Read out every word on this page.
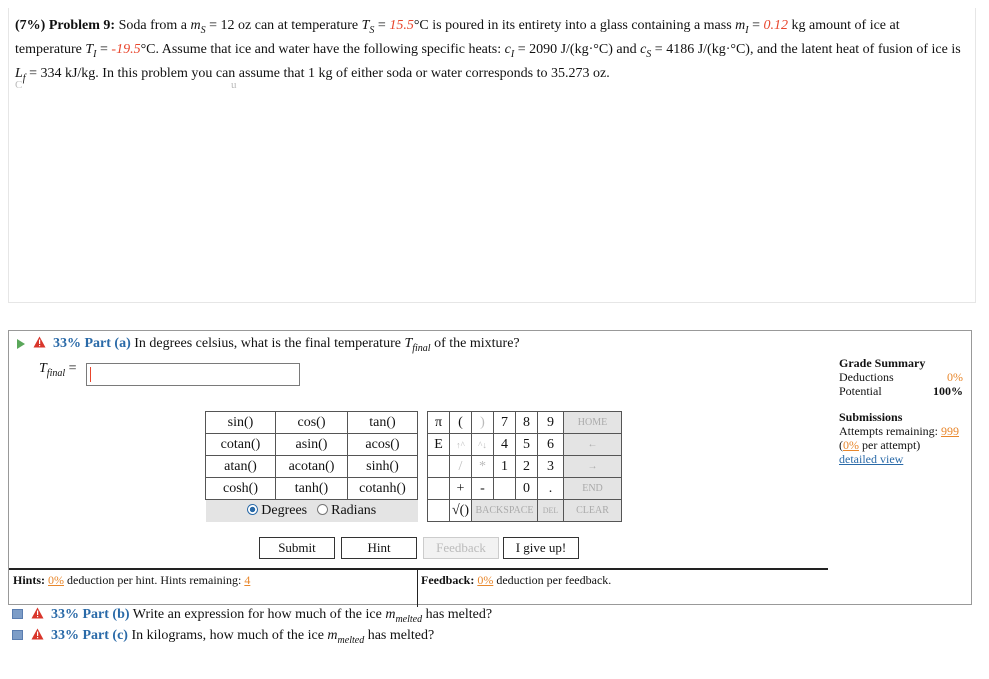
(7%) Problem 9: Soda from a $m_S = 12$ oz can at temperature $T_S = 15.5^\circ C$ is poured in its entirety into a glass containing a mass $m_I = 0.12$ kg amount of ice at temperature $T_I = -19.5^\circ C$. Assume that ice and water have the following specific heats: $c_I = 2090$ J/(kg·°C) and $c_S = 4186$ J/(kg·°C), and the latent heat of fusion of ice is $L_f = 334$ kJ/kg. In this problem you can assume that 1 kg of either soda or water corresponds to 35.273 oz.
C	u
33% Part (a) In degrees celsius, what is the final temperature $T_{final}$ of the mixture?
$T_{final}$ =	Grade Summary
Deductions	0%
Potential	100%
Submissions
Attempts remaining: 999
(0% per attempt)
detailed view
sin()	cos()	tan()		π	(	)	7	8	9	HOME
cotan()	asin()	acos()		E	↑^	^↓	4	5	6	←
atan()	acotan()	sinh()			/	*	1	2	3	→
cosh()	tanh()	cotanh()			+	-		0	.	END
Degrees Radians					√()	BACKSPACE			DEL	CLEAR
Submit	Hint	Feedback	I give up!
Hints: 0% deduction per hint. Hints remaining: 4	Feedback: 0% deduction per feedback.
33% Part (b) Write an expression for how much of the ice $m_{melted}$ has melted?
33% Part (c) In kilograms, how much of the ice $m_{melted}$ has melted?
